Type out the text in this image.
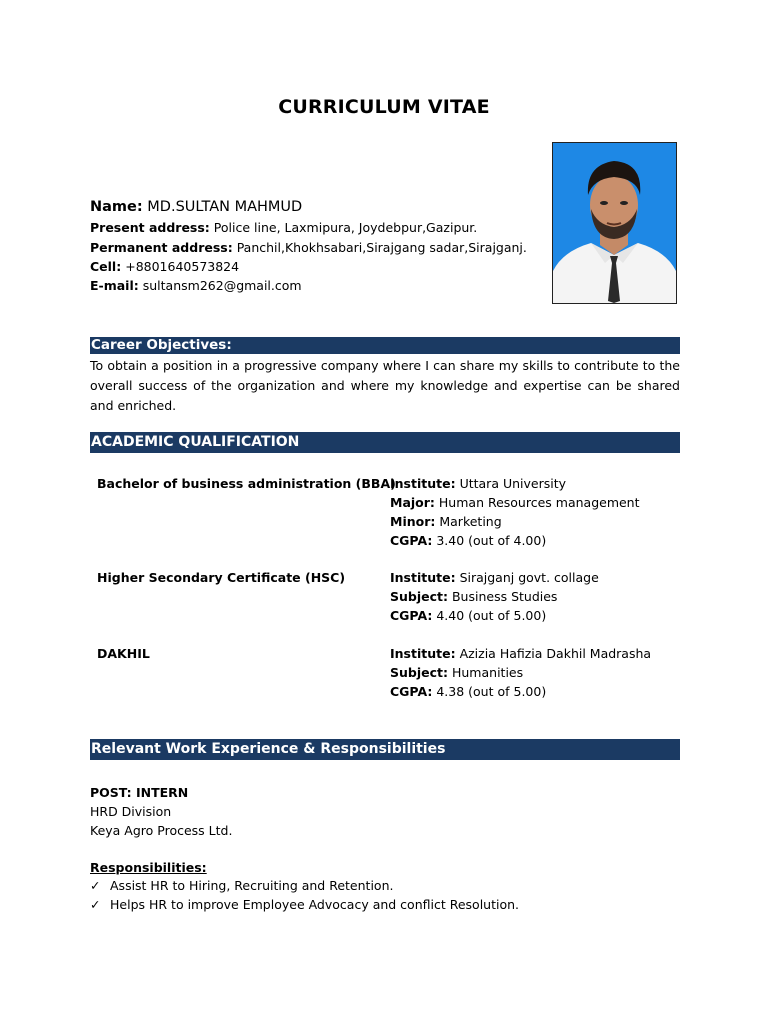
CURRICULUM VITAE
Name: MD.SULTAN MAHMUD
Present address: Police line, Laxmipura, Joydebpur,Gazipur.
Permanent address: Panchil,Khokhsabari,Sirajgang sadar,Sirajganj.
Cell: +8801640573824
E-mail: sultansm262@gmail.com
Career Objectives:
To obtain a position in a progressive company where I can share my skills to contribute to the overall success of the organization and where my knowledge and expertise can be shared and enriched.
ACADEMIC QUALIFICATION
Bachelor of business administration (BBA)
Institute: Uttara University
Major: Human Resources management
Minor: Marketing
CGPA: 3.40 (out of 4.00)
Higher Secondary Certificate (HSC)	Institute: Sirajganj govt. collage
Subject: Business Studies
CGPA: 4.40 (out of 5.00)
DAKHIL	Institute: Azizia Hafizia Dakhil Madrasha
Subject: Humanities
CGPA: 4.38 (out of 5.00)
Relevant Work Experience & Responsibilities
POST: INTERN
HRD Division
Keya Agro Process Ltd.
Responsibilities:
✓ Assist HR to Hiring, Recruiting and Retention.
✓ Helps HR to improve Employee Advocacy and conflict Resolution.
